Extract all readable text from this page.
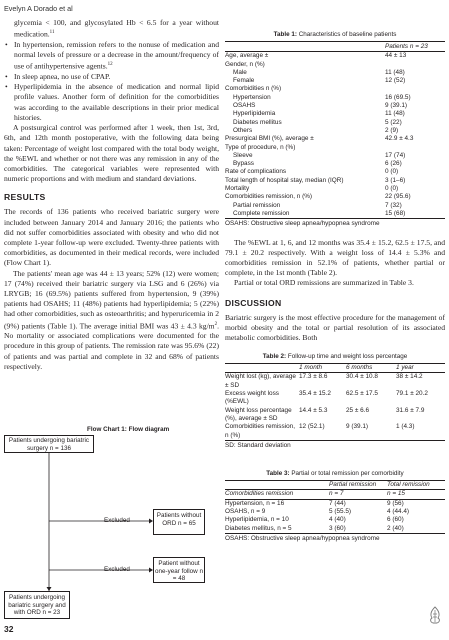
Evelyn A Dorado et al

glycemia < 100, and glycosylated Hb < 6.5 for a year without medication.$^{11}$

• In hypertension, remission refers to the nonuse of medication and normal levels of pressure or a decrease in the amount/frequency of use of antihypertensive agents.$^{12}$
• In sleep apnea, no use of CPAP.
• Hyperlipidemia in the absence of medication and normal lipid profile values. Another form of definition for the comorbidities was according to the available descriptions in their prior medical histories.

A postsurgical control was performed after 1 week, then 1st, 3rd, 6th, and 12th month postoperative, with the following data being taken: Percentage of weight lost compared with the total body weight, the %EWL and whether or not there was any remission in any of the comorbidities. The categorical variables were represented with numeric proportions and with medium and standard deviations.

RESULTS

The records of 136 patients who received bariatric surgery were included between January 2014 and January 2016; the patients who did not suffer comorbidities associated with obesity and who did not complete 1-year follow-up were excluded. Twenty-three patients with comorbidities, as documented in their medical records, were included (Flow Chart 1).

The patients' mean age was 44 ± 13 years; 52% (12) were women; 17 (74%) received their bariatric surgery via LSG and 6 (26%) via LRYGB; 16 (69.5%) patients suffered from hypertension, 9 (39%) patients had OSAHS; 11 (48%) patients had hyperlipidemia; 5 (22%) had other comorbidities, such as osteoarthritis; and hyperuricemia in 2 (9%) patients (Table 1). The average initial BMI was 43 ± 4.3 $kg/m^2$. No mortality or associated complications were documented for the procedure in this group of patients. The remission rate was 95.6% (22) of patients and was partial and complete in 32 and 68% of patients respectively.

Flow Chart 1: Flow diagram
Patients undergoing bariatric surgery n = 136
Excluded
Patients without ORD n = 65
Excluded
Patient without one-year follow n = 48
Patients undergoing bariatric surgery and with ORD n = 23
32
Table 1: Characteristics of baseline patients
	Patients n = 23
Age, average ±	44 ± 13
Gender, n (%)	
Male	11 (48)
Female	12 (52)
Comorbidities n (%)	
Hypertension	16 (69.5)
OSAHS	9 (39.1)
Hyperlipidemia	11 (48)
Diabetes mellitus	5 (22)
Others	2 (9)
Presurgical BMI (%), average ±	42.9 ± 4.3
Type of procedure, n (%)	
Sleeve	17 (74)
Bypass	6 (26)
Rate of complications	0 (0)
Total length of hospital stay, median (IQR)	3 (1–6)
Mortality	0 (0)
Comorbidities remission, n (%)	22 (95.6)
Partial remission	7 (32)
Complete remission	15 (68)
OSAHS: Obstructive sleep apnea/hypopnea syndrome

The %EWL at 1, 6, and 12 months was 35.4 ± 15.2, 62.5 ± 17.5, and 79.1 ± 20.2 respectively. With a weight loss of 14.4 ± 5.3% and comorbidities remission in 52.1% of patients, whether partial or complete, in the 1st month (Table 2).

Partial or total ORD remissions are summarized in Table 3.

DISCUSSION

Bariatric surgery is the most effective procedure for the management of morbid obesity and the total or partial resolution of its associated metabolic comorbidities. Both

Table 2: Follow-up time and weight loss percentage
	1 month	6 months	1 year
Weight lost (kg), average ± SD	17.3 ± 8.6	30.4 ± 10.8	38 ± 14.2
Excess weight loss (%EWL)	35.4 ± 15.2	62.5 ± 17.5	79.1 ± 20.2
Weight loss percentage (%), average ± SD	14.4 ± 5.3	25 ± 6.6	31.6 ± 7.9
Comorbidities remission, n (%)	12 (52.1)	9 (39.1)	1 (4.3)
SD: Standard deviation
Table 3: Partial or total remission per comorbidity
	Partial remission	Total remission
Comorbidities remission	n = 7	n = 15
Hypertension, n = 16	7 (44)	9 (56)
OSAHS, n = 9	5 (55.5)	4 (44.4)
Hyperlipidemia, n = 10	4 (40)	6 (60)
Diabetes mellitus, n = 5	3 (60)	2 (40)
OSAHS: Obstructive sleep apnea/hypopnea syndrome
